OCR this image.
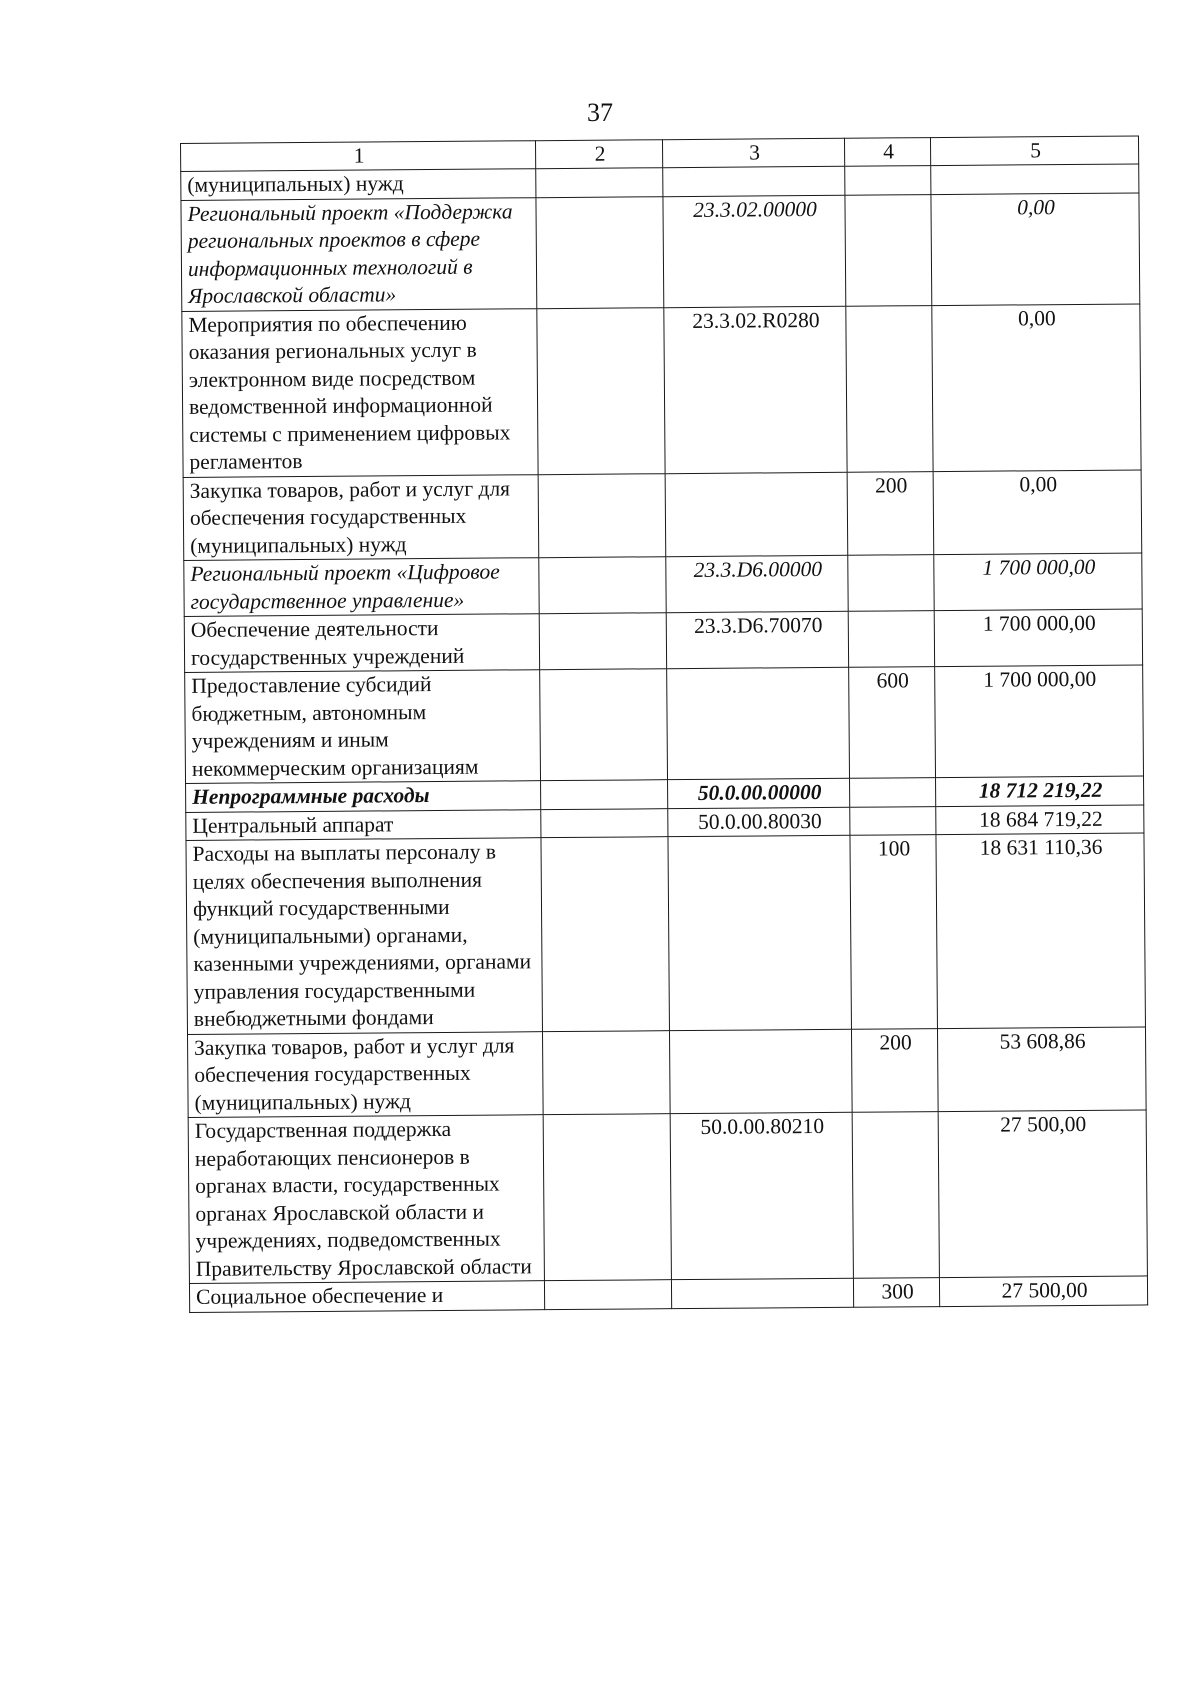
37
1	2	3	4	5
(муниципальных) нужд				
Региональный проект «Поддержка региональных проектов в сфере информационных технологий в Ярославской области»		23.3.02.00000		0,00
Мероприятия по обеспечению оказания региональных услуг в электронном виде посредством ведомственной информационной системы с применением цифровых регламентов		23.3.02.R0280		0,00
Закупка товаров, работ и услуг для обеспечения государственных (муниципальных) нужд			200	0,00
Региональный проект «Цифровое государственное управление»		23.3.D6.00000		1 700 000,00
Обеспечение деятельности государственных учреждений		23.3.D6.70070		1 700 000,00
Предоставление субсидий бюджетным, автономным учреждениям и иным некоммерческим организациям			600	1 700 000,00
Непрограммные расходы		50.0.00.00000		18 712 219,22
Центральный аппарат		50.0.00.80030		18 684 719,22
Расходы на выплаты персоналу в целях обеспечения выполнения функций государственными (муниципальными) органами, казенными учреждениями, органами управления государственными внебюджетными фондами			100	18 631 110,36
Закупка товаров, работ и услуг для обеспечения государственных (муниципальных) нужд			200	53 608,86
Государственная поддержка неработающих пенсионеров в органах власти, государственных органах Ярославской области и учреждениях, подведомственных Правительству Ярославской области		50.0.00.80210		27 500,00
Социальное обеспечение и			300	27 500,00
